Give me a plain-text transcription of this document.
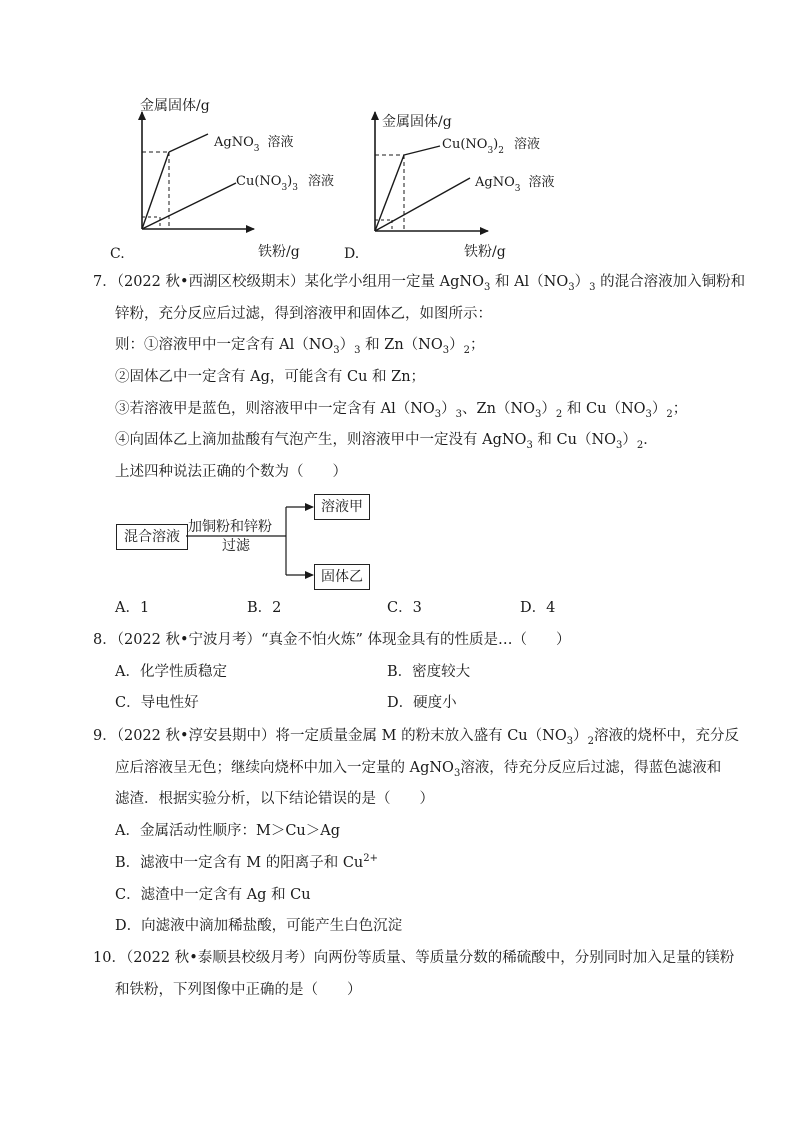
金属固体/g
铁粉/g
C.
AgNO$_3$ 溶液
$Cu(NO_3)_3$ 溶液
金属固体/g
铁粉/g
D.
$Cu(NO_3)_2$ 溶液
AgNO$_3$ 溶液
7．（2022 秋•西湖区校级期末）某化学小组用一定量 AgNO$_3$ 和 $Al(NO_3)_3$ 的混合溶液加入铜粉和
锌粉，充分反应后过滤，得到溶液甲和固体乙，如图所示：
则：①溶液甲中一定含有 $Al(NO_3)_3$ 和 $Zn(NO_3)_2$；
②固体乙中一定含有 Ag，可能含有 Cu 和 Zn；
③若溶液甲是蓝色，则溶液甲中一定含有 $Al(NO_3)_3$、$Zn(NO_3)_2$ 和 $Cu(NO_3)_2$；
④向固体乙上滴加盐酸有气泡产生，则溶液甲中一定没有 AgNO$_3$ 和 $Cu(NO_3)_2$．
上述四种说法正确的个数为（　　）
混合溶液
加铜粉和锌粉
过滤
溶液甲
固体乙
A．1	B．2	C．3	D．4
8．（2022 秋•宁波月考）“真金不怕火炼” 体现金具有的性质是…（　　）
A．化学性质稳定	B．密度较大
C．导电性好	D．硬度小
9．（2022 秋•淳安县期中）将一定质量金属 M 的粉末放入盛有 $Cu(NO_3)_2$溶液的烧杯中，充分反
应后溶液呈无色；继续向烧杯中加入一定量的 AgNO$_3$溶液，待充分反应后过滤，得蓝色滤液和
滤渣．根据实验分析，以下结论错误的是（　　）
A．金属活动性顺序：M＞Cu＞Ag
B．滤液中一定含有 M 的阳离子和 $Cu^{2+}$
C．滤渣中一定含有 Ag 和 Cu
D．向滤液中滴加稀盐酸，可能产生白色沉淀
10．（2022 秋•泰顺县校级月考）向两份等质量、等质量分数的稀硫酸中，分别同时加入足量的镁粉
和铁粉，下列图像中正确的是（　　）
